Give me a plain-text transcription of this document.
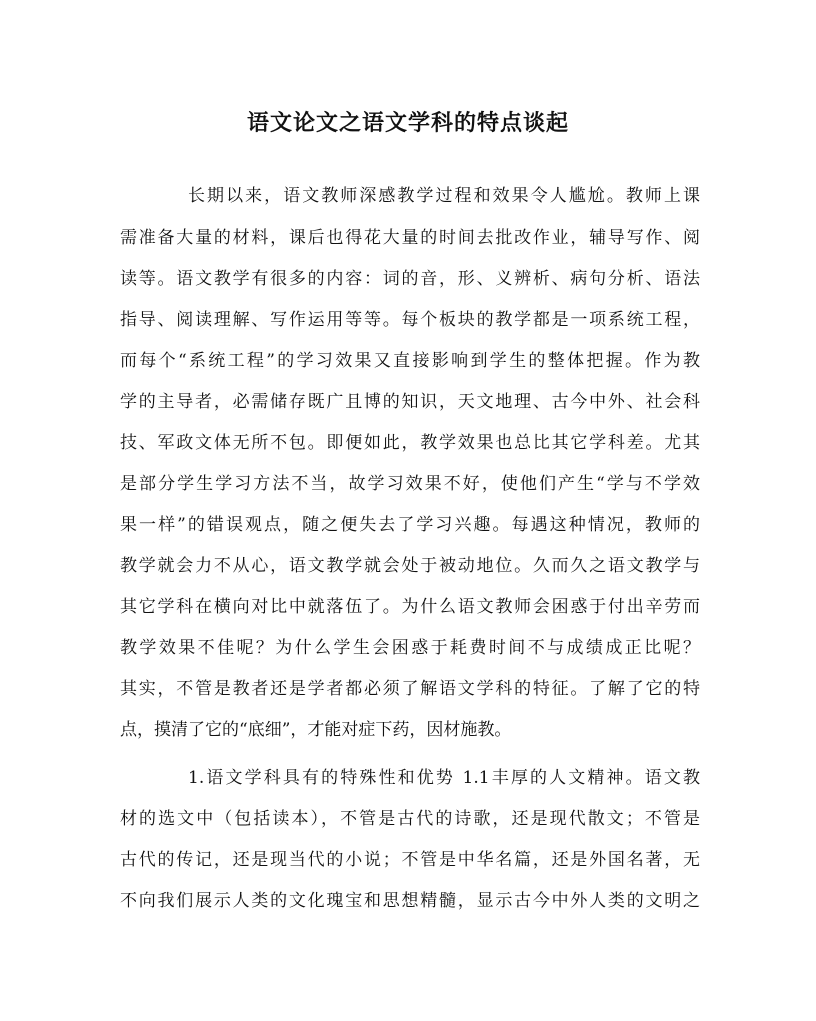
语文论文之语文学科的特点谈起
长期以来，语文教师深感教学过程和效果令人尴尬。教师上课
需准备大量的材料，课后也得花大量的时间去批改作业，辅导写作、阅
读等。语文教学有很多的内容：词的音，形、义辨析、病句分析、语法
指导、阅读理解、写作运用等等。每个板块的教学都是一项系统工程，
而每个“系统工程”的学习效果又直接影响到学生的整体把握。作为教
学的主导者，必需储存既广且博的知识，天文地理、古今中外、社会科
技、军政文体无所不包。即便如此，教学效果也总比其它学科差。尤其
是部分学生学习方法不当，故学习效果不好，使他们产生“学与不学效
果一样”的错误观点，随之便失去了学习兴趣。每遇这种情况，教师的
教学就会力不从心，语文教学就会处于被动地位。久而久之语文教学与
其它学科在横向对比中就落伍了。为什么语文教师会困惑于付出辛劳而
教学效果不佳呢？为什么学生会困惑于耗费时间不与成绩成正比呢？
其实，不管是教者还是学者都必须了解语文学科的特征。了解了它的特
点，摸清了它的“底细”，才能对症下药，因材施教。
1.语文学科具有的特殊性和优势 1.1丰厚的人文精神。语文教
材的选文中（包括读本），不管是古代的诗歌，还是现代散文；不管是
古代的传记，还是现当代的小说；不管是中华名篇，还是外国名著，无
不向我们展示人类的文化瑰宝和思想精髓，显示古今中外人类的文明之
